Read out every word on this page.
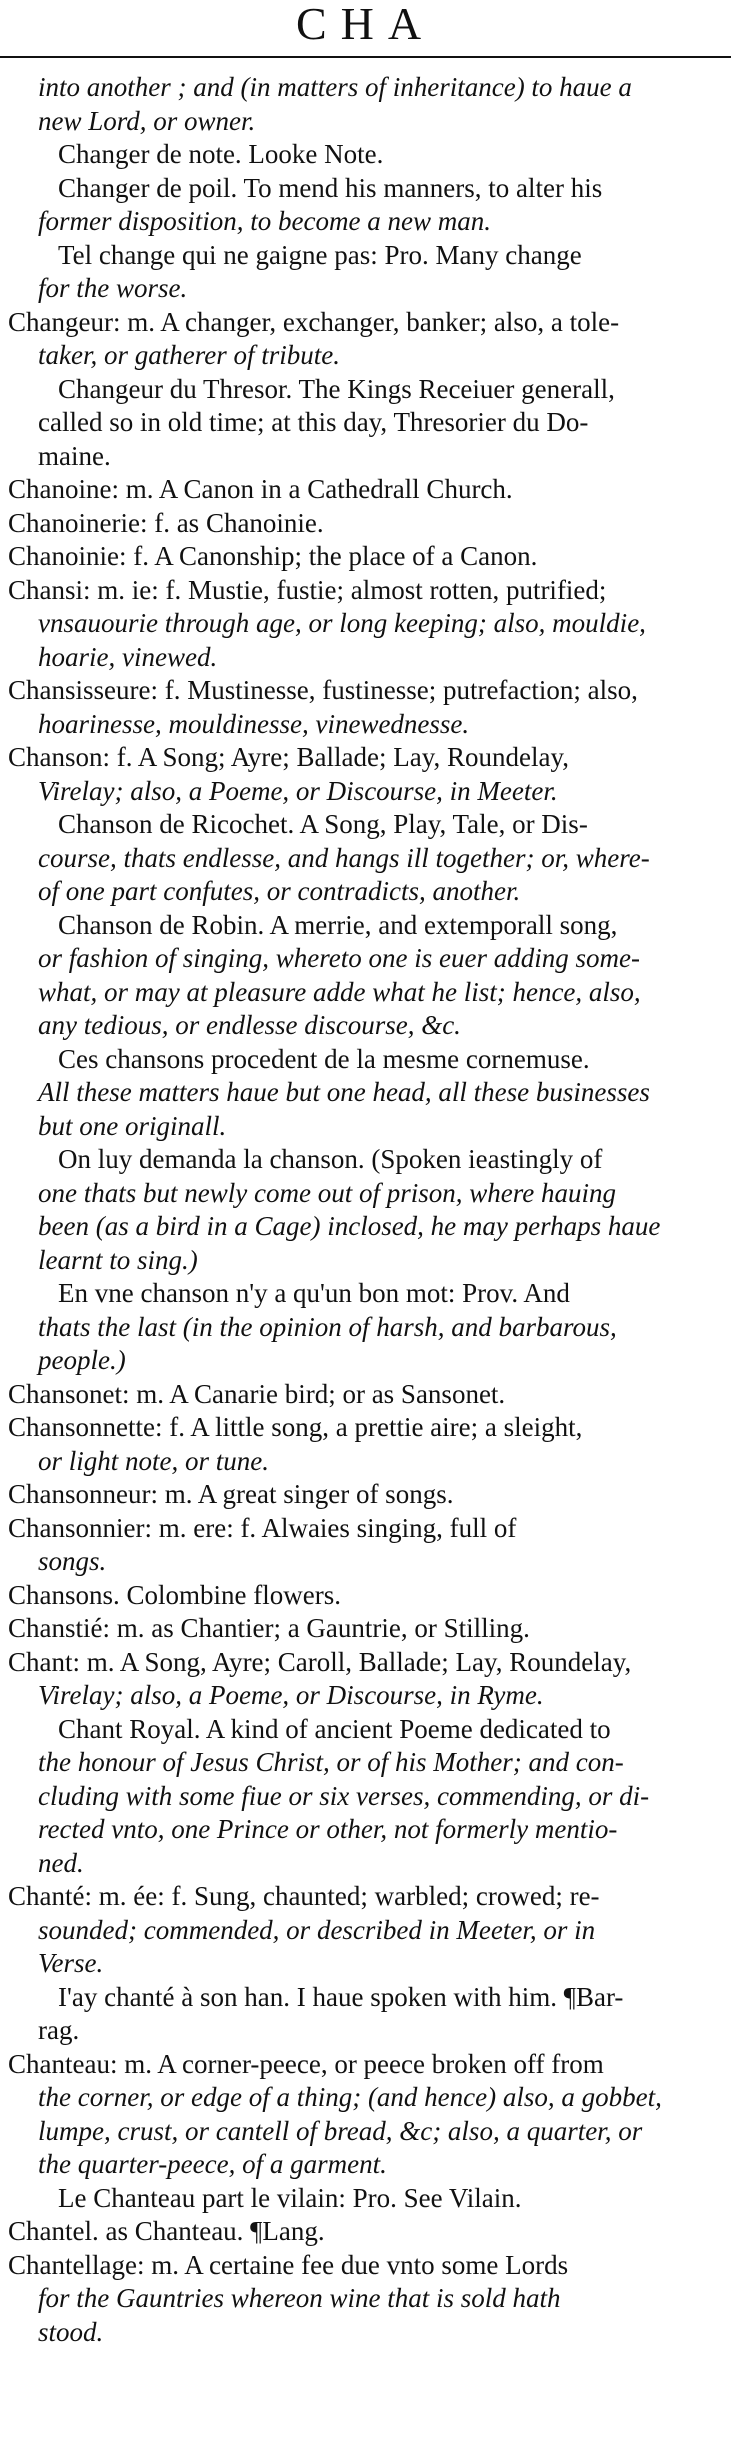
CHA
into another ; and (in matters of inheritance) to haue a
new Lord, or owner.
Changer de note. Looke Note.
Changer de poil. To mend his manners, to alter his
former disposition, to become a new man.
Tel change qui ne gaigne pas: Pro. Many change
for the worse.
Changeur: m. A changer, exchanger, banker; also, a tole-
taker, or gatherer of tribute.
Changeur du Thresor. The Kings Receiuer generall,
called so in old time; at this day, Thresorier du Do-
maine.
Chanoine: m. A Canon in a Cathedrall Church.
Chanoinerie: f. as Chanoinie.
Chanoinie: f. A Canonship; the place of a Canon.
Chansi: m. ie: f. Mustie, fustie; almost rotten, putrified;
vnsauourie through age, or long keeping; also, mouldie,
hoarie, vinewed.
Chansisseure: f. Mustinesse, fustinesse; putrefaction; also,
hoarinesse, mouldinesse, vinewednesse.
Chanson: f. A Song; Ayre; Ballade; Lay, Roundelay,
Virelay; also, a Poeme, or Discourse, in Meeter.
Chanson de Ricochet. A Song, Play, Tale, or Dis-
course, thats endlesse, and hangs ill together; or, where-
of one part confutes, or contradicts, another.
Chanson de Robin. A merrie, and extemporall song,
or fashion of singing, whereto one is euer adding some-
what, or may at pleasure adde what he list; hence, also,
any tedious, or endlesse discourse, &c.
Ces chansons procedent de la mesme cornemuse.
All these matters haue but one head, all these businesses
but one originall.
On luy demanda la chanson. (Spoken ieastingly of
one thats but newly come out of prison, where hauing
been (as a bird in a Cage) inclosed, he may perhaps haue
learnt to sing.)
En vne chanson n'y a qu'un bon mot: Prov. And
thats the last (in the opinion of harsh, and barbarous,
people.)
Chansonet: m. A Canarie bird; or as Sansonet.
Chansonnette: f. A little song, a prettie aire; a sleight,
or light note, or tune.
Chansonneur: m. A great singer of songs.
Chansonnier: m. ere: f. Alwaies singing, full of
songs.
Chansons. Colombine flowers.
Chanstié: m. as Chantier; a Gauntrie, or Stilling.
Chant: m. A Song, Ayre; Caroll, Ballade; Lay, Roundelay,
Virelay; also, a Poeme, or Discourse, in Ryme.
Chant Royal. A kind of ancient Poeme dedicated to
the honour of Jesus Christ, or of his Mother; and con-
cluding with some fiue or six verses, commending, or di-
rected vnto, one Prince or other, not formerly mentio-
ned.
Chanté: m. ée: f. Sung, chaunted; warbled; crowed; re-
sounded; commended, or described in Meeter, or in
Verse.
I'ay chanté à son han. I haue spoken with him. ¶Bar-
rag.
Chanteau: m. A corner-peece, or peece broken off from
the corner, or edge of a thing; (and hence) also, a gobbet,
lumpe, crust, or cantell of bread, &c; also, a quarter, or
the quarter-peece, of a garment.
Le Chanteau part le vilain: Pro. See Vilain.
Chantel. as Chanteau. ¶Lang.
Chantellage: m. A certaine fee due vnto some Lords
for the Gauntries whereon wine that is sold hath
stood.
